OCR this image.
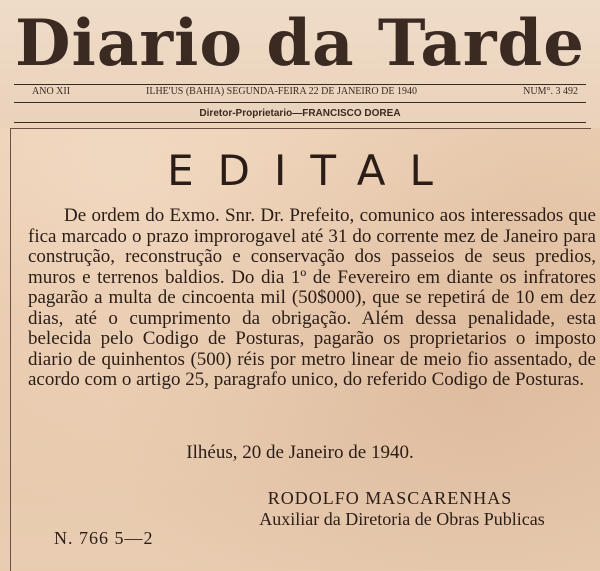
Diario da Tarde
ANO XII	ILHE'US (BAHIA) SEGUNDA-FEIRA 22 DE JANEIRO DE 1940	NUM°. 3 492
Diretor-Proprietario—FRANCISCO DOREA
EDITAL

De ordem do Exmo. Snr. Dr. Prefeito, comunico aos interessados que fica marcado o prazo improrogavel até 31 do corrente mez de Janeiro para construção, reconstrução e conservação dos passeios de seus predios, muros e terrenos baldios. Do dia 1º de Fevereiro em diante os infratores pagarão a multa de cincoenta mil (50$000), que se repetirá de 10 em dez dias, até o cumprimento da obrigação. Além dessa penalidade, esta belecida pelo Codigo de Posturas, pagarão os proprietarios o imposto diario de quinhentos (500) réis por metro linear de meio fio assentado, de acordo com o artigo 25, paragrafo unico, do referido Codigo de Posturas.

Ilhéus, 20 de Janeiro de 1940.
RODOLFO MASCARENHAS
Auxiliar da Diretoria de Obras Publicas
N. 766 5—2
